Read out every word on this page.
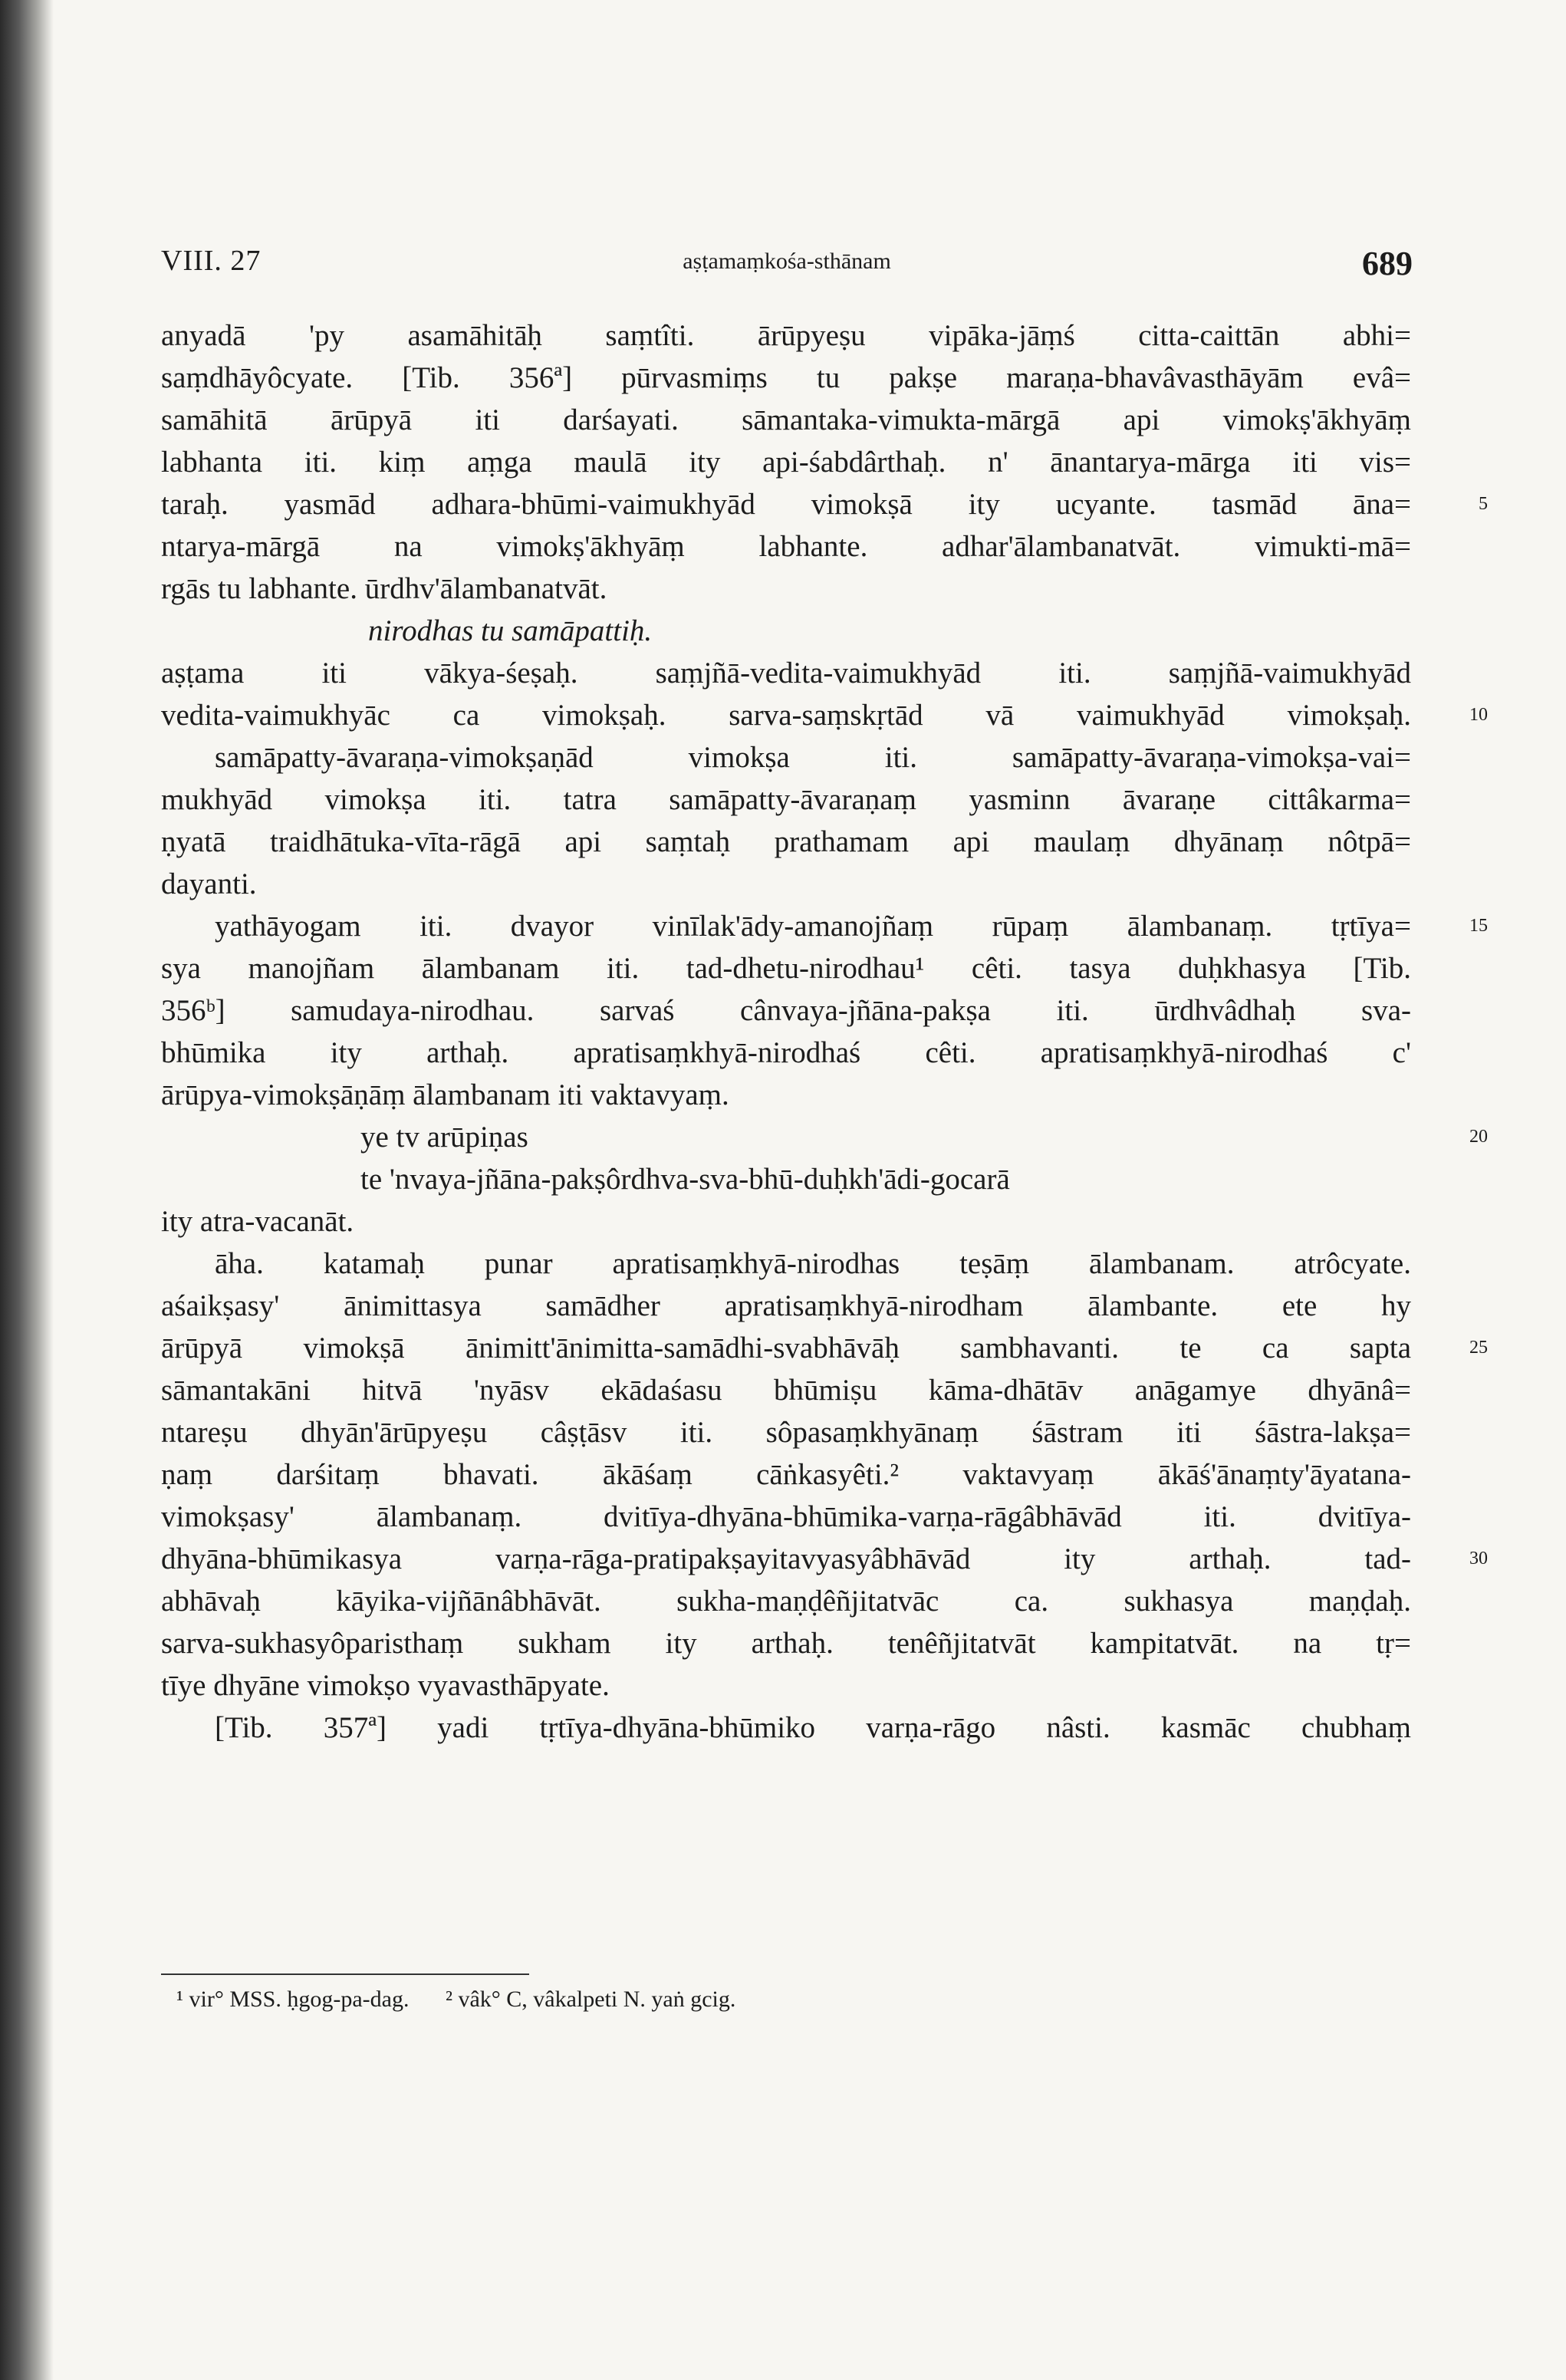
VIII. 27	aṣṭamaṃkośa-sthānam	689
anyadā 'py asamāhitāḥ saṃtîti. ārūpyeṣu vipāka-jāṃś citta-caittān abhi=
saṃdhāyôcyate. [Tib. 356ª] pūrvasmiṃs tu pakṣe maraṇa-bhavâvasthāyām evâ=
samāhitā ārūpyā iti darśayati. sāmantaka-vimukta-mārgā api vimokṣ'ākhyāṃ
labhanta iti. kiṃ aṃga maulā ity api-śabdârthaḥ. n' ānantarya-mārga iti vis=
taraḥ. yasmād adhara-bhūmi-vaimukhyād vimokṣā ity ucyante. tasmād āna=	5
ntarya-mārgā na vimokṣ'ākhyāṃ labhante. adhar'ālambanatvāt. vimukti-mā=
rgās tu labhante. ūrdhv'ālambanatvāt.
nirodhas tu samāpattiḥ.
aṣṭama iti vākya-śeṣaḥ. saṃjñā-vedita-vaimukhyād iti. saṃjñā-vaimukhyād
vedita-vaimukhyāc ca vimokṣaḥ. sarva-saṃskṛtād vā vaimukhyād vimokṣaḥ.	10
samāpatty-āvaraṇa-vimokṣaṇād vimokṣa iti. samāpatty-āvaraṇa-vimokṣa-vai=
mukhyād vimokṣa iti. tatra samāpatty-āvaraṇaṃ yasminn āvaraṇe cittâkarma=
ṇyatā traidhātuka-vīta-rāgā api saṃtaḥ prathamam api maulaṃ dhyānaṃ nôtpā=
dayanti.
yathāyogam iti. dvayor vinīlak'ādy-amanojñaṃ rūpaṃ ālambanaṃ. tṛtīya=	15
sya manojñam ālambanam iti. tad-dhetu-nirodhau¹ cêti. tasya duḥkhasya [Tib.
356ᵇ] samudaya-nirodhau. sarvaś cânvaya-jñāna-pakṣa iti. ūrdhvâdhaḥ sva-
bhūmika ity arthaḥ. apratisaṃkhyā-nirodhaś cêti. apratisaṃkhyā-nirodhaś c'
ārūpya-vimokṣāṇāṃ ālambanam iti vaktavyaṃ.
ye tv arūpiṇas	20
te 'nvaya-jñāna-pakṣôrdhva-sva-bhū-duḥkh'ādi-gocarā
ity atra-vacanāt.
āha. katamaḥ punar apratisaṃkhyā-nirodhas teṣāṃ ālambanam. atrôcyate.
aśaikṣasy' ānimittasya samādher apratisaṃkhyā-nirodham ālambante. ete hy
ārūpyā vimokṣā ānimitt'ānimitta-samādhi-svabhāvāḥ sambhavanti. te ca sapta	25
sāmantakāni hitvā 'nyāsv ekādaśasu bhūmiṣu kāma-dhātāv anāgamye dhyānâ=
ntareṣu dhyān'ārūpyeṣu câṣṭāsv iti. sôpasaṃkhyānaṃ śāstram iti śāstra-lakṣa=
ṇaṃ darśitaṃ bhavati. ākāśaṃ cāṅkasyêti.² vaktavyaṃ ākāś'ānaṃty'āyatana-
vimokṣasy' ālambanaṃ. dvitīya-dhyāna-bhūmika-varṇa-rāgâbhāvād iti. dvitīya-
dhyāna-bhūmikasya varṇa-rāga-pratipakṣayitavyasyâbhāvād ity arthaḥ. tad-	30
abhāvaḥ kāyika-vijñānâbhāvāt. sukha-maṇḍêñjitatvāc ca. sukhasya maṇḍaḥ.
sarva-sukhasyôparisthaṃ sukham ity arthaḥ. tenêñjitatvāt kampitatvāt. na tṛ=
tīye dhyāne vimokṣo vyavasthāpyate.
[Tib. 357ª] yadi tṛtīya-dhyāna-bhūmiko varṇa-rāgo nâsti. kasmāc chubhaṃ
¹ vir° MSS. ḥgog-pa-dag. ² vâk° C, vâkalpeti N. yaṅ gcig.
